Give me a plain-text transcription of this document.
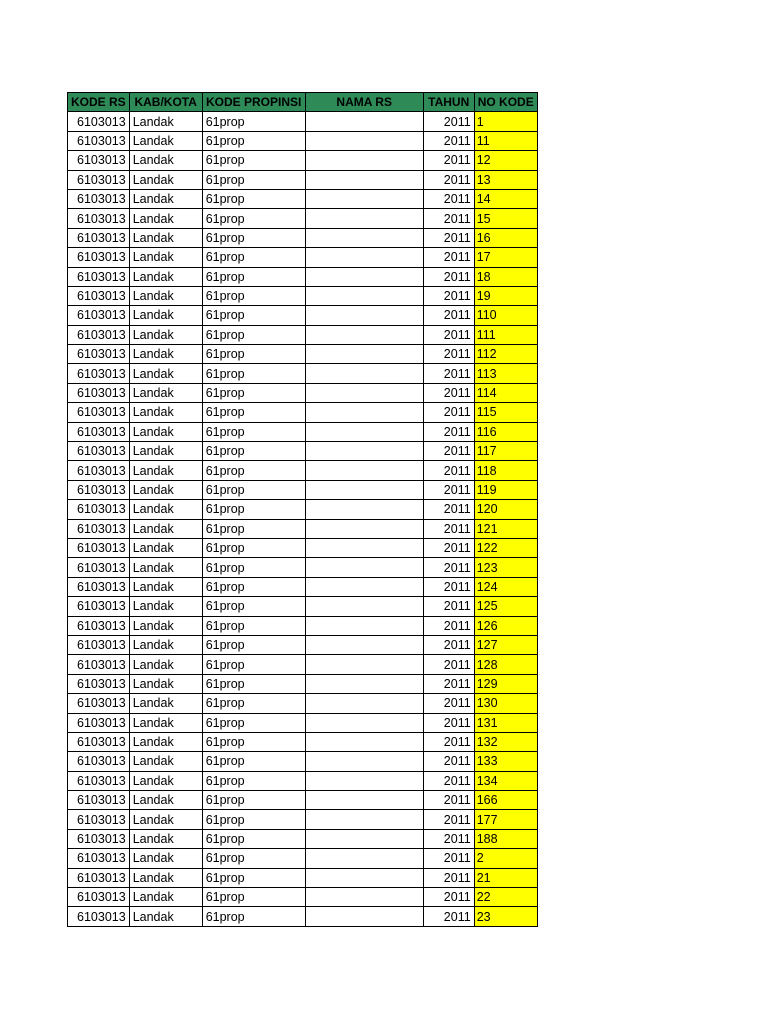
KODE RS	KAB/KOTA	KODE PROPINSI	NAMA RS	TAHUN	NO KODE
6103013	Landak	61prop		2011	1
6103013	Landak	61prop		2011	11
6103013	Landak	61prop		2011	12
6103013	Landak	61prop		2011	13
6103013	Landak	61prop		2011	14
6103013	Landak	61prop		2011	15
6103013	Landak	61prop		2011	16
6103013	Landak	61prop		2011	17
6103013	Landak	61prop		2011	18
6103013	Landak	61prop		2011	19
6103013	Landak	61prop		2011	110
6103013	Landak	61prop		2011	111
6103013	Landak	61prop		2011	112
6103013	Landak	61prop		2011	113
6103013	Landak	61prop		2011	114
6103013	Landak	61prop		2011	115
6103013	Landak	61prop		2011	116
6103013	Landak	61prop		2011	117
6103013	Landak	61prop		2011	118
6103013	Landak	61prop		2011	119
6103013	Landak	61prop		2011	120
6103013	Landak	61prop		2011	121
6103013	Landak	61prop		2011	122
6103013	Landak	61prop		2011	123
6103013	Landak	61prop		2011	124
6103013	Landak	61prop		2011	125
6103013	Landak	61prop		2011	126
6103013	Landak	61prop		2011	127
6103013	Landak	61prop		2011	128
6103013	Landak	61prop		2011	129
6103013	Landak	61prop		2011	130
6103013	Landak	61prop		2011	131
6103013	Landak	61prop		2011	132
6103013	Landak	61prop		2011	133
6103013	Landak	61prop		2011	134
6103013	Landak	61prop		2011	166
6103013	Landak	61prop		2011	177
6103013	Landak	61prop		2011	188
6103013	Landak	61prop		2011	2
6103013	Landak	61prop		2011	21
6103013	Landak	61prop		2011	22
6103013	Landak	61prop		2011	23
